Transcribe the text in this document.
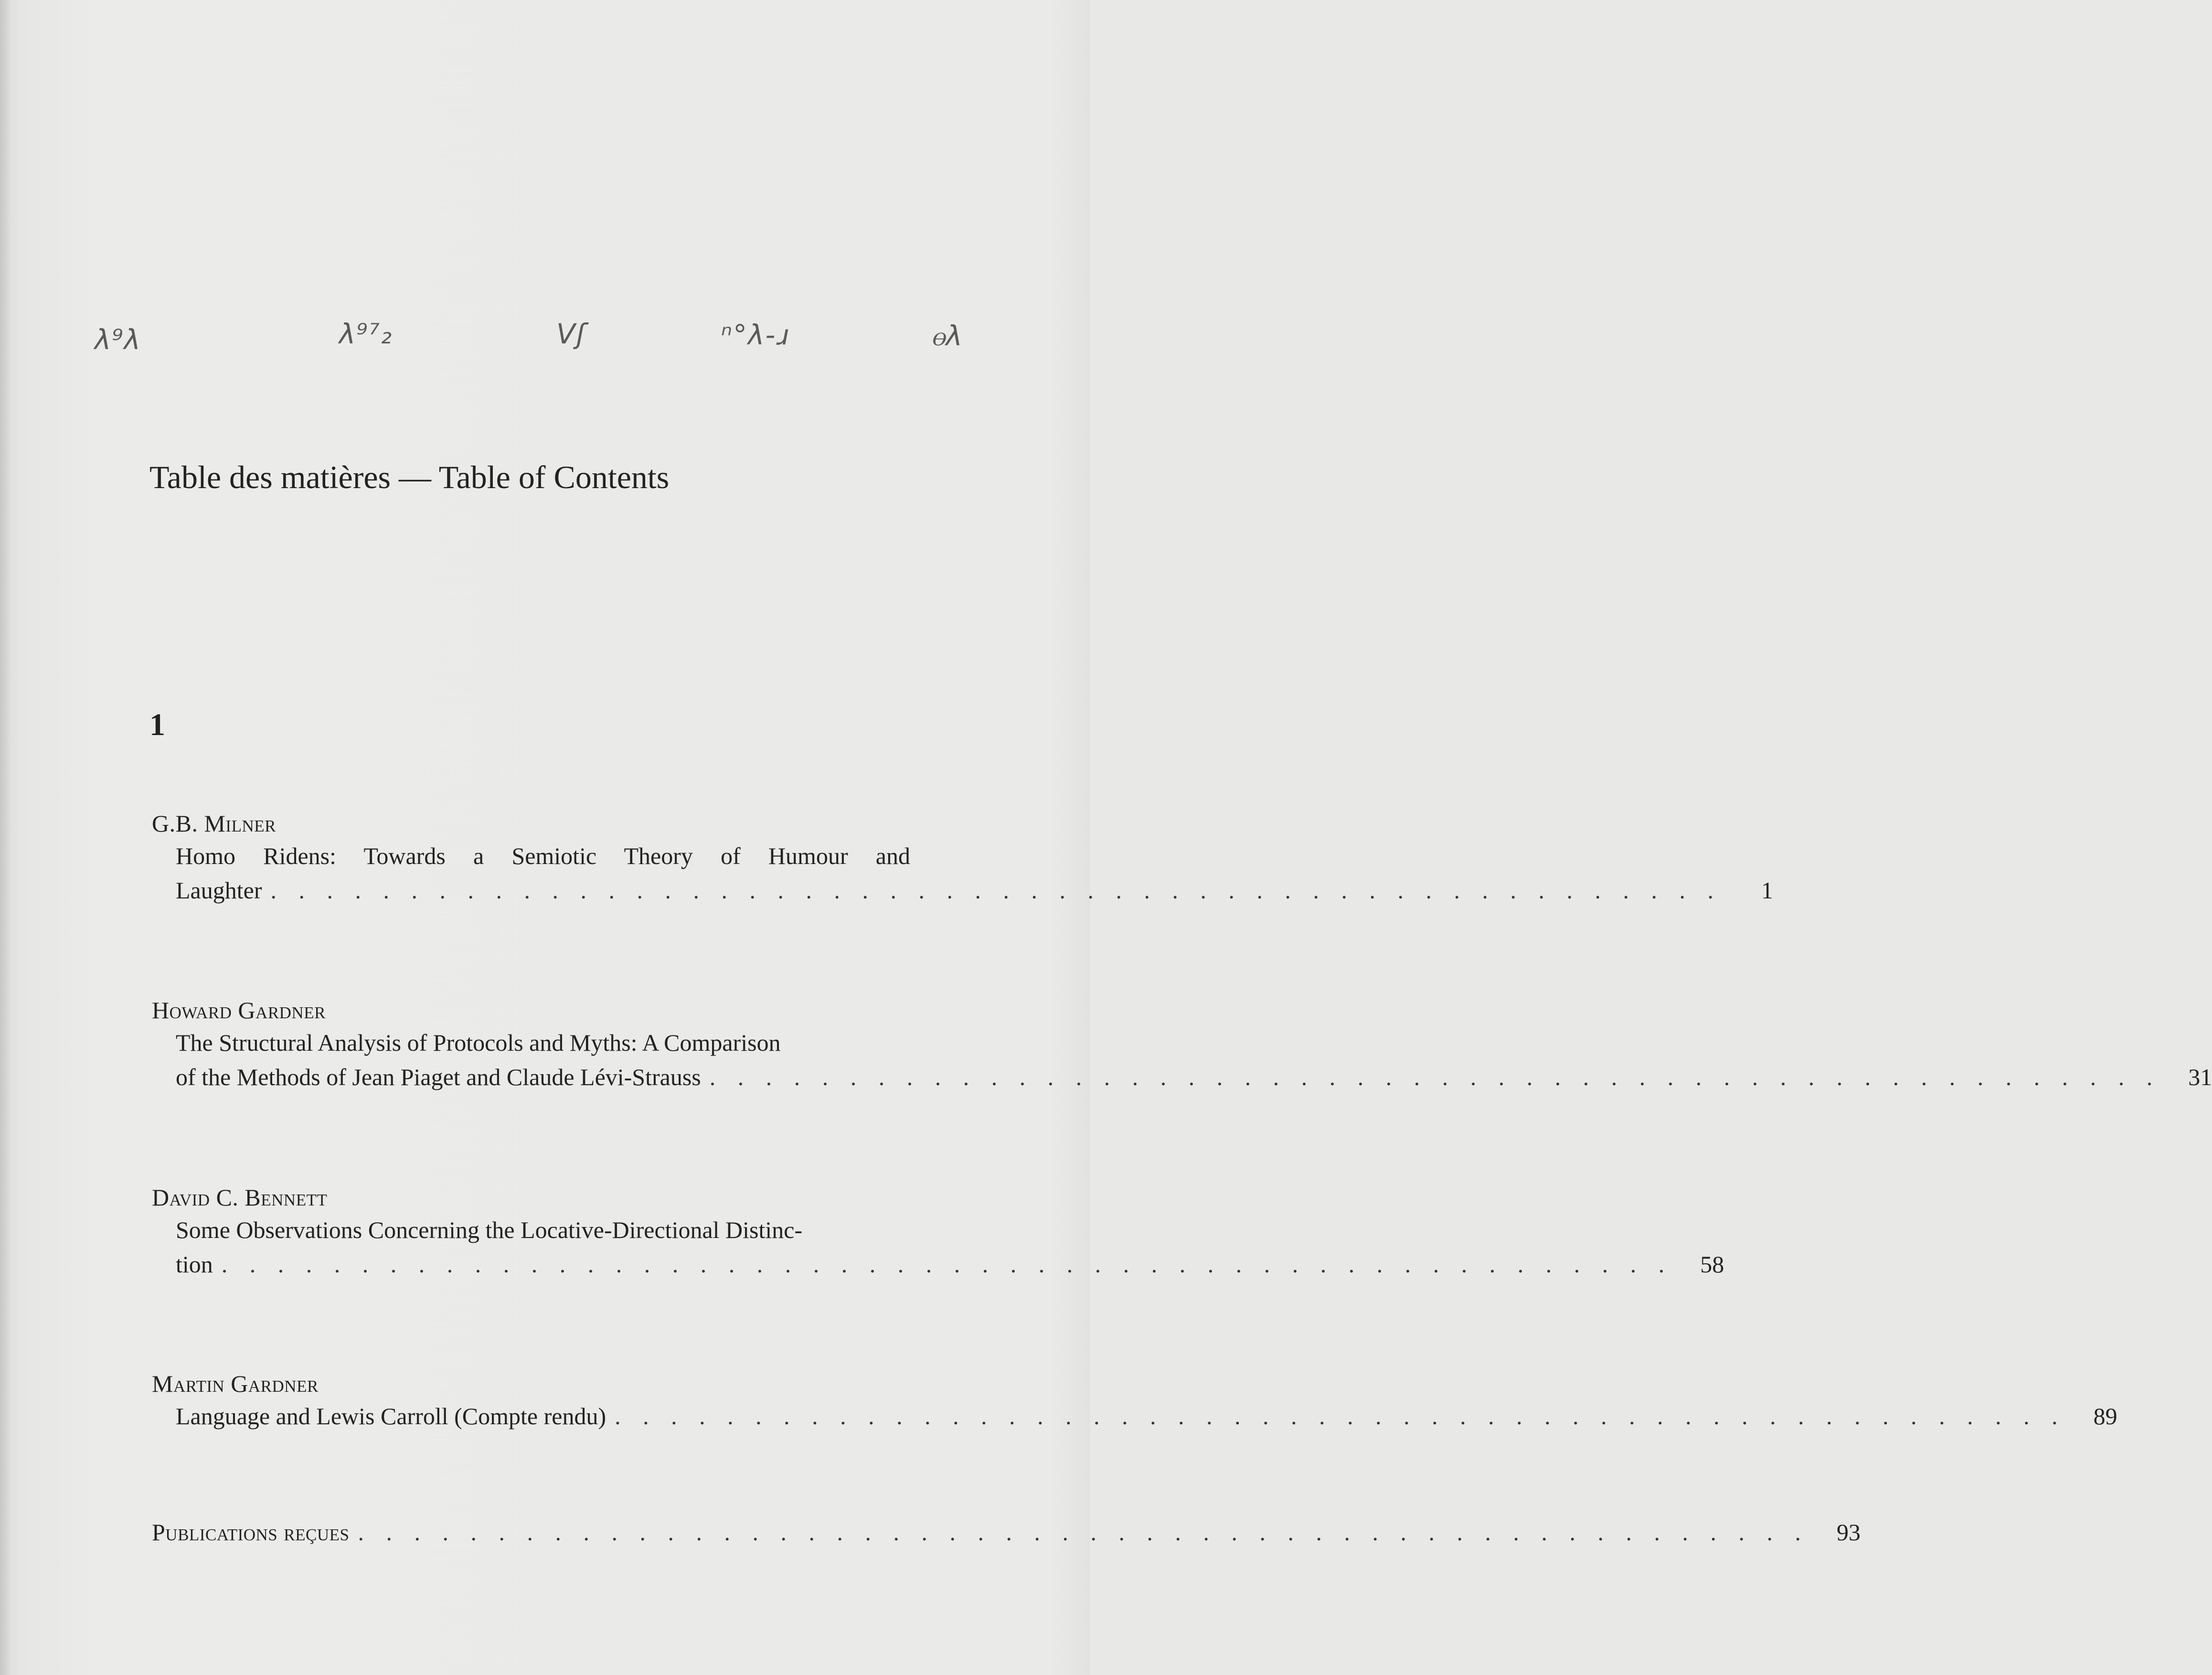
λ⁹λ	λ⁹⁷₂	Vʃ	ⁿ°λ‑ɹ	ⲑλ
Table des matières — Table of Contents
1
G.B. Milner
Homo Ridens: Towards a Semiotic Theory of Humour and
Laughter . . . . . . . . . . . . . . . . . . . . . . . . . . . . . . . . . . . . . . . . . . . . . . . . . . . .	1
Howard Gardner
The Structural Analysis of Protocols and Myths: A Comparison
of the Methods of Jean Piaget and Claude Lévi-Strauss . . . . . . . . . . . . . . . . . . . . . . . . . . . . . . . . . . . . . . . . . . . . . . . . . . . .	31
David C. Bennett
Some Observations Concerning the Locative-Directional Distinc-
tion . . . . . . . . . . . . . . . . . . . . . . . . . . . . . . . . . . . . . . . . . . . . . . . . . . . .	58
Martin Gardner
Language and Lewis Carroll (Compte rendu) . . . . . . . . . . . . . . . . . . . . . . . . . . . . . . . . . . . . . . . . . . . . . . . . . . . .	89
Publications reçues . . . . . . . . . . . . . . . . . . . . . . . . . . . . . . . . . . . . . . . . . . . . . . . . . . . .	93
